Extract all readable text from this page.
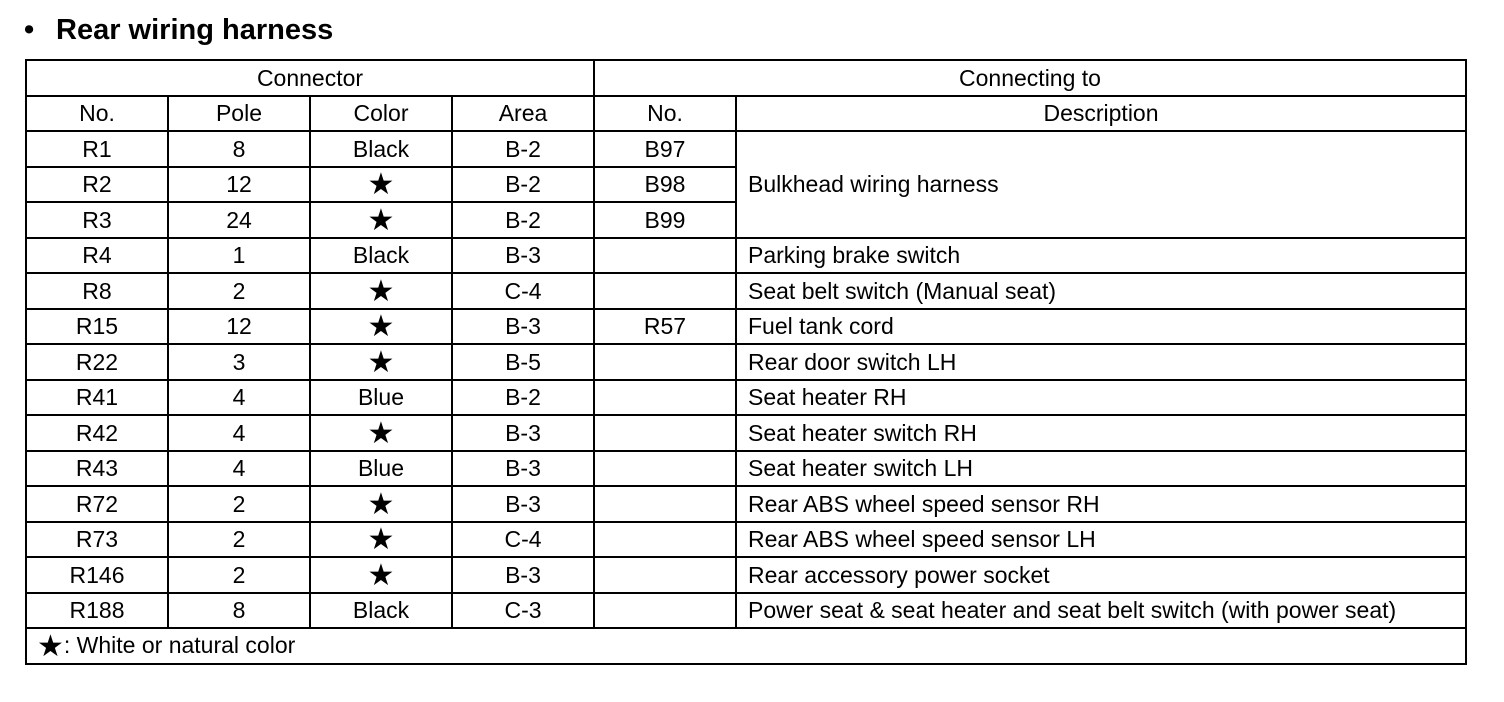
• Rear wiring harness
Connector				Connecting to	
No.	Pole	Color	Area	No.	Description
R1	8	Black	B-2	B97	Bulkhead wiring harness
R2	12	★	B-2	B98	
R3	24	★	B-2	B99	
R4	1	Black	B-3		Parking brake switch
R8	2	★	C-4		Seat belt switch (Manual seat)
R15	12	★	B-3	R57	Fuel tank cord
R22	3	★	B-5		Rear door switch LH
R41	4	Blue	B-2		Seat heater RH
R42	4	★	B-3		Seat heater switch RH
R43	4	Blue	B-3		Seat heater switch LH
R72	2	★	B-3		Rear ABS wheel speed sensor RH
R73	2	★	C-4		Rear ABS wheel speed sensor LH
R146	2	★	B-3		Rear accessory power socket
R188	8	Black	C-3		Power seat & seat heater and seat belt switch (with power seat)
★: White or natural color					
